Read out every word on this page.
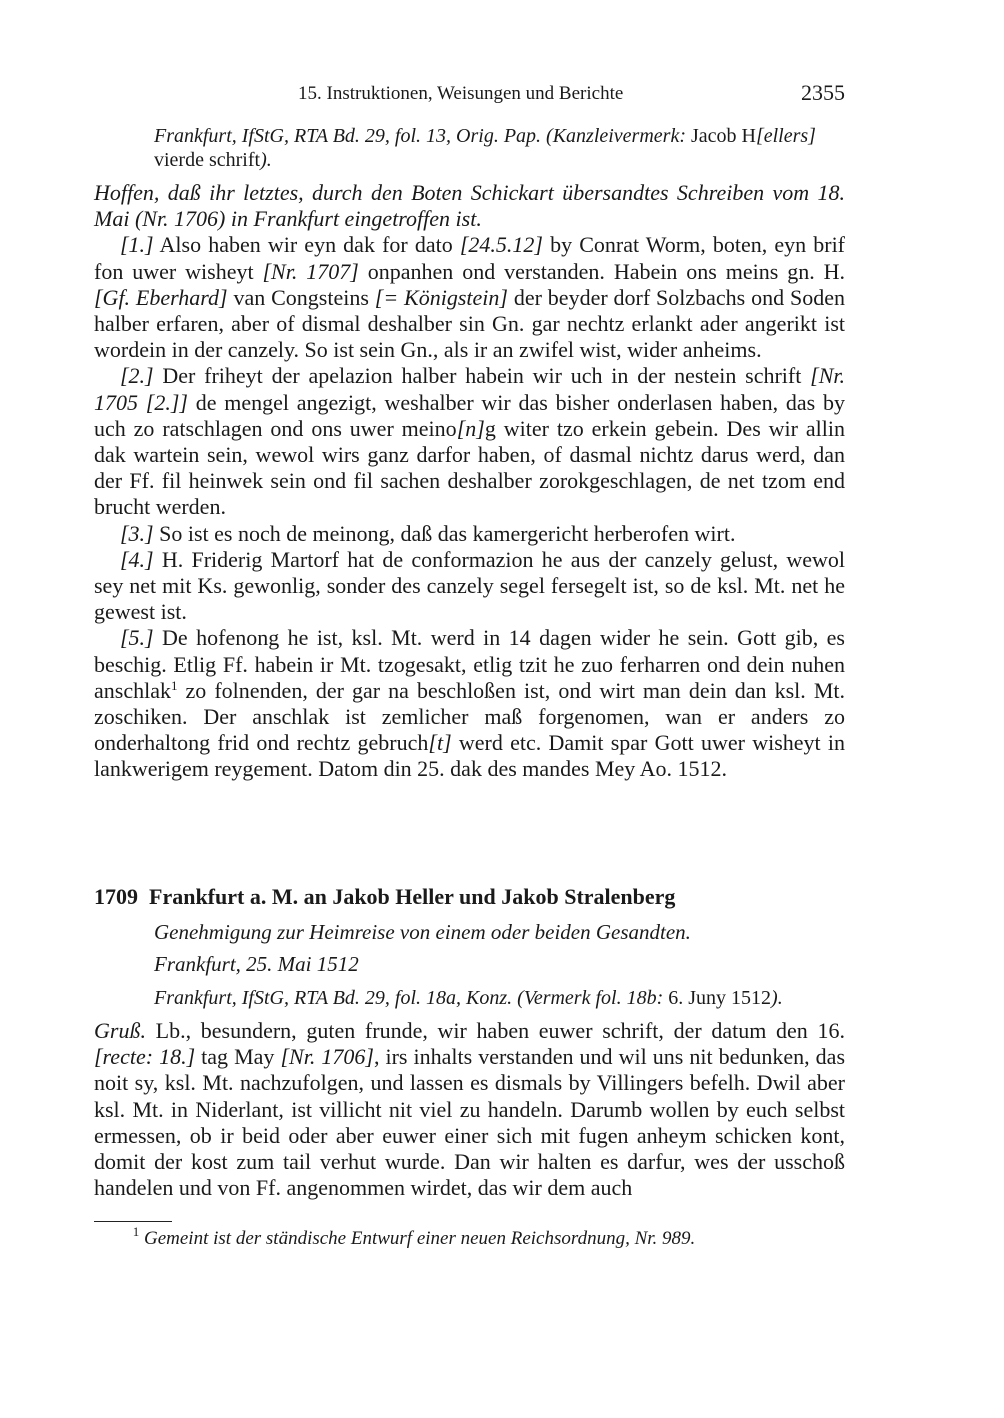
15. Instruktionen, Weisungen und Berichte	2355
Frankfurt, IfStG, RTA Bd. 29, fol. 13, Orig. Pap. (Kanzleivermerk: Jacob H[ellers] vierde schrift).

Hoffen, daß ihr letztes, durch den Boten Schickart übersandtes Schreiben vom 18. Mai (Nr. 1706) in Frankfurt eingetroffen ist.

[1.] Also haben wir eyn dak for dato [24.5.12] by Conrat Worm, boten, eyn brif fon uwer wisheyt [Nr. 1707] onpanhen ond verstanden. Habein ons meins gn. H. [Gf. Eberhard] van Congsteins [= Königstein] der beyder dorf Solzbachs ond Soden halber erfaren, aber of dismal deshalber sin Gn. gar nechtz erlankt ader angerikt ist wordein in der canzely. So ist sein Gn., als ir an zwifel wist, wider anheims.

[2.] Der friheyt der apelazion halber habein wir uch in der nestein schrift [Nr. 1705 [2.]] de mengel angezigt, weshalber wir das bisher onderlasen haben, das by uch zo ratschlagen ond ons uwer meino[n]g witer tzo erkein gebein. Des wir allin dak wartein sein, wewol wirs ganz darfor haben, of dasmal nichtz darus werd, dan der Ff. fil heinwek sein ond fil sachen deshalber zorokgeschlagen, de net tzom end brucht werden.

[3.] So ist es noch de meinong, daß das kamergericht herberofen wirt.

[4.] H. Friderig Martorf hat de conformazion he aus der canzely gelust, wewol sey net mit Ks. gewonlig, sonder des canzely segel fersegelt ist, so de ksl. Mt. net he gewest ist.

[5.] De hofenong he ist, ksl. Mt. werd in 14 dagen wider he sein. Gott gib, es beschig. Etlig Ff. habein ir Mt. tzogesakt, etlig tzit he zuo ferharren ond dein nuhen anschlak$^1$ zo folnenden, der gar na beschloßen ist, ond wirt man dein dan ksl. Mt. zoschiken. Der anschlak ist zemlicher maß forgenomen, wan er anders zo onderhaltong frid ond rechtz gebruch[t] werd etc. Damit spar Gott uwer wisheyt in lankwerigem reygement. Datom din 25. dak des mandes Mey Ao. 1512.

1709 Frankfurt a. M. an Jakob Heller und Jakob Stralenberg
Genehmigung zur Heimreise von einem oder beiden Gesandten.
Frankfurt, 25. Mai 1512
Frankfurt, IfStG, RTA Bd. 29, fol. 18a, Konz. (Vermerk fol. 18b: 6. Juny 1512).

Gruß. Lb., besundern, guten frunde, wir haben euwer schrift, der datum den 16. [recte: 18.] tag May [Nr. 1706], irs inhalts verstanden und wil uns nit bedunken, das noit sy, ksl. Mt. nachzufolgen, und lassen es dismals by Villingers befelh. Dwil aber ksl. Mt. in Niderlant, ist villicht nit viel zu handeln. Darumb wollen by euch selbst ermessen, ob ir beid oder aber euwer einer sich mit fugen anheym schicken kont, domit der kost zum tail verhut wurde. Dan wir halten es darfur, wes der usschoß handelen und von Ff. angenommen wirdet, das wir dem auch

$^1$ Gemeint ist der ständische Entwurf einer neuen Reichsordnung, Nr. 989.
